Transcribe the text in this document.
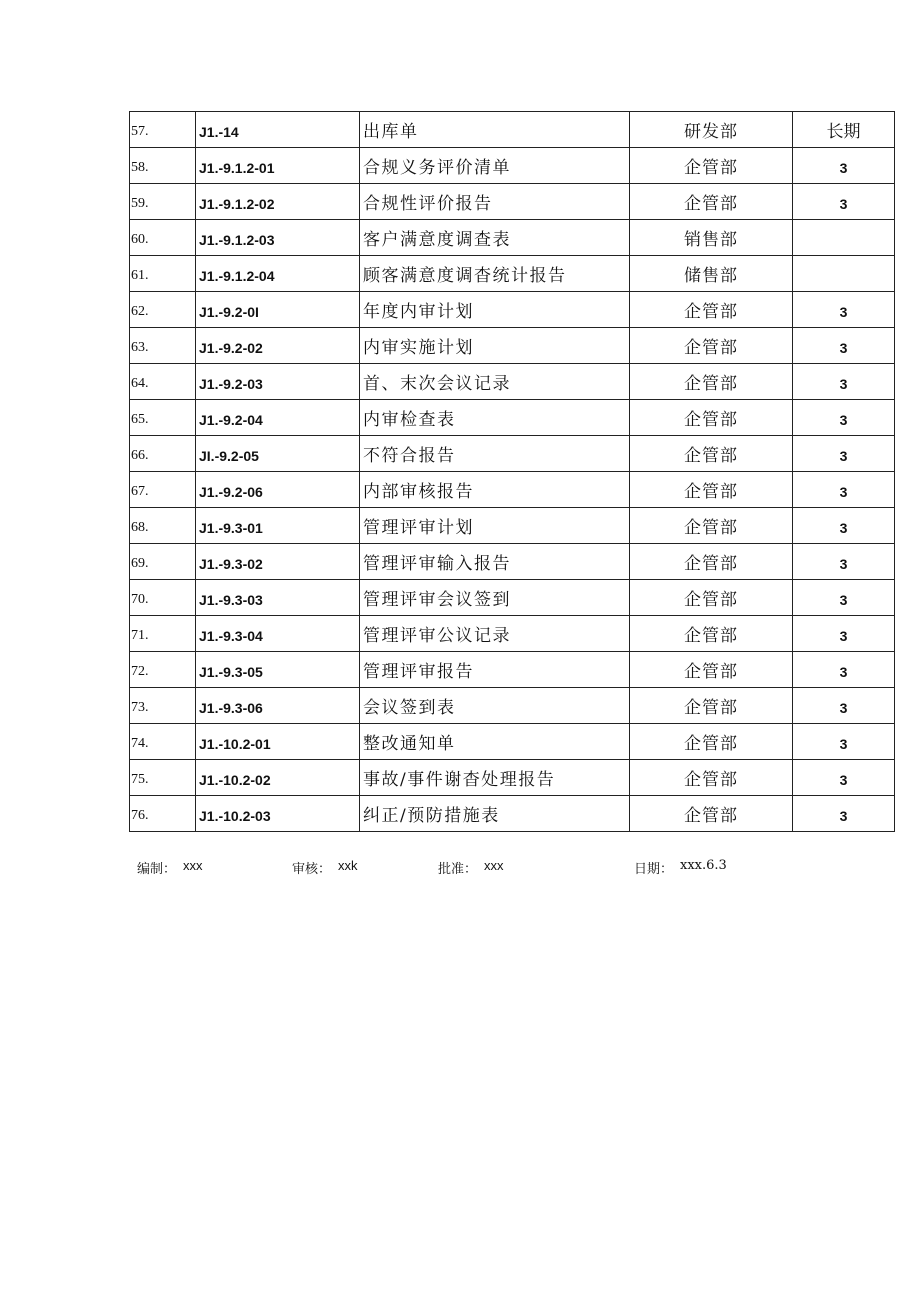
57.	J1.-14	出库单	研发部	长期
58.	J1.-9.1.2-01	合规义务评价清单	企管部	3
59.	J1.-9.1.2-02	合规性评价报告	企管部	3
60.	J1.-9.1.2-03	客户满意度调查表	销售部	
61.	J1.-9.1.2-04	顾客满意度调杳统计报告	储售部	
62.	J1.-9.2-0I	年度内审计划	企管部	3
63.	J1.-9.2-02	内审实施计划	企管部	3
64.	J1.-9.2-03	首、末次会议记录	企管部	3
65.	J1.-9.2-04	内审检查表	企管部	3
66.	JI.-9.2-05	不符合报告	企管部	3
67.	J1.-9.2-06	内部审核报告	企管部	3
68.	J1.-9.3-01	管理评审计划	企管部	3
69.	J1.-9.3-02	管理评审输入报告	企管部	3
70.	J1.-9.3-03	管理评审会议签到	企管部	3
71.	J1.-9.3-04	管理评审公议记录	企管部	3
72.	J1.-9.3-05	管理评审报告	企管部	3
73.	J1.-9.3-06	会议签到表	企管部	3
74.	J1.-10.2-01	整改通知单	企管部	3
75.	J1.-10.2-02	事故/事件谢杳处理报告	企管部	3
76.	J1.-10.2-03	纠正/预防措施表	企管部	3
编制： xxx	审核： xxk	批准： xxx	日期： xxx.6.3
